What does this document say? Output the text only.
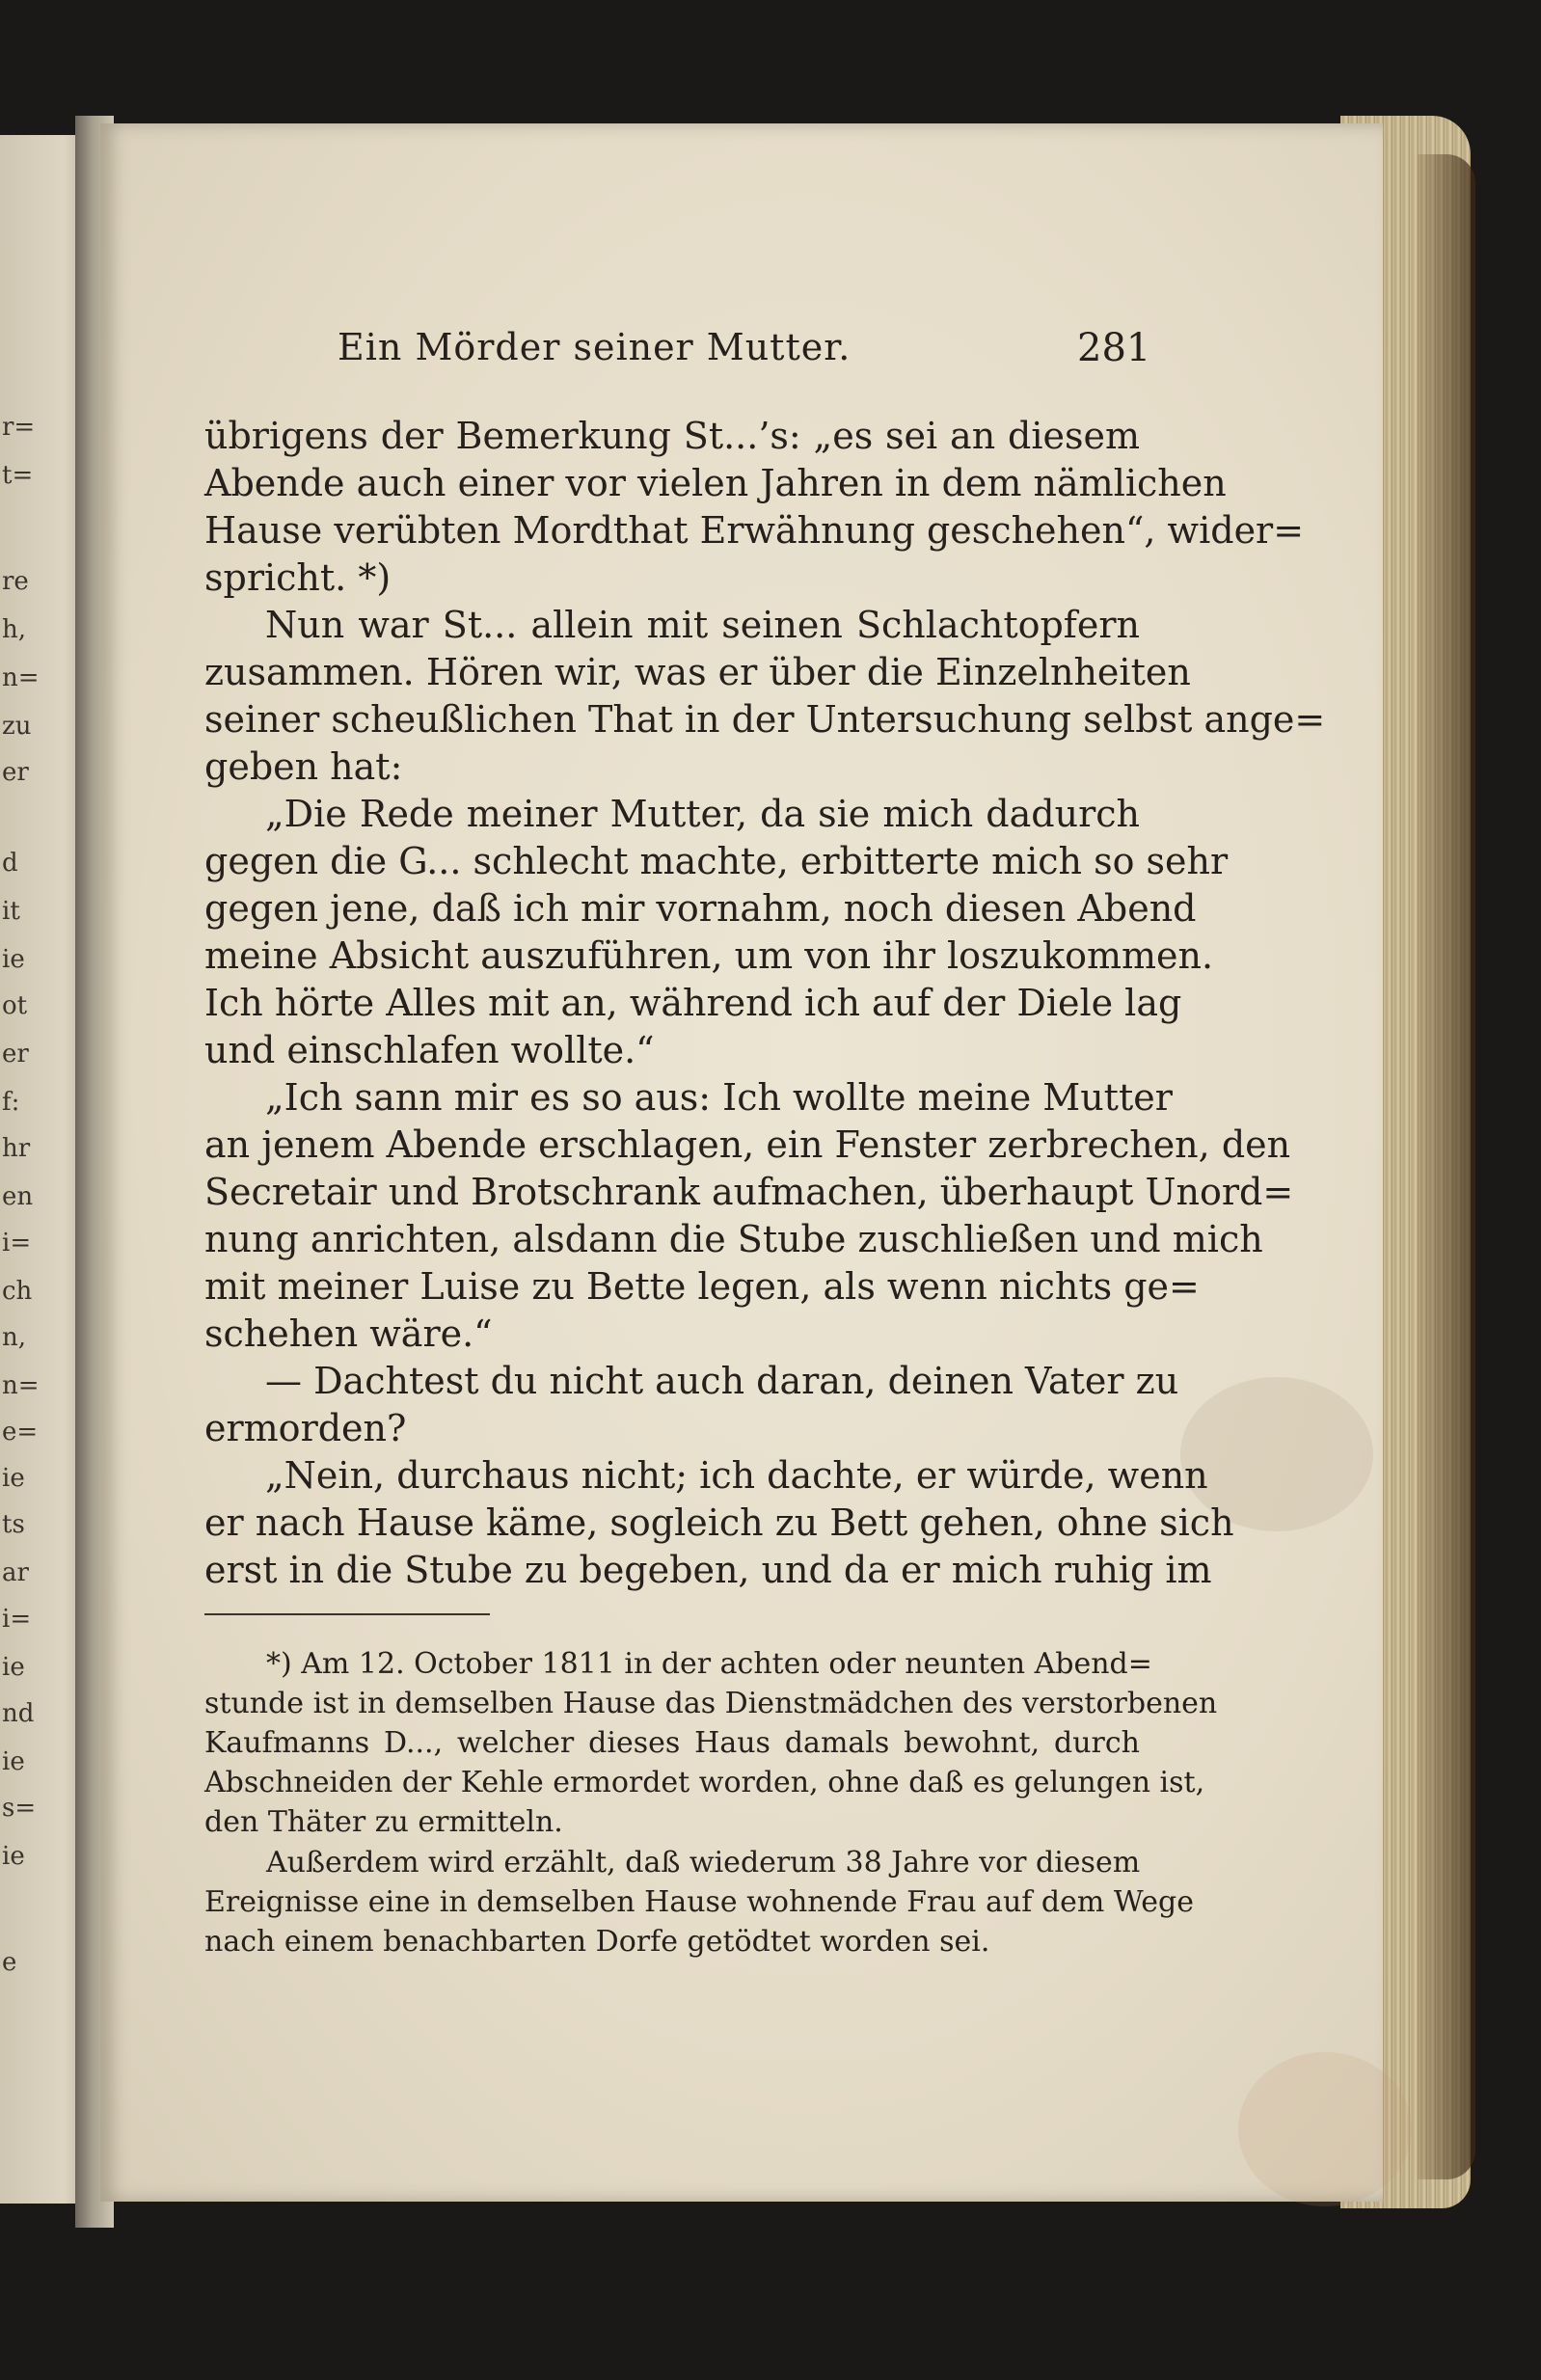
r=
t=
re
h,
n=
zu
er
d
it
ie
ot
er
f:
hr
en
i=
ch
n,
n=
e=
ie
ts
ar
i=
ie
nd
ie
s=
ie
e
Ein Mörder seiner Mutter.	281
übrigens der Bemerkung St...’s: „es sei an diesem
Abende auch einer vor vielen Jahren in dem nämlichen
Hause verübten Mordthat Erwähnung geschehen“, wider=
spricht. *)
Nun war St... allein mit seinen Schlachtopfern
zusammen. Hören wir, was er über die Einzelnheiten
seiner scheußlichen That in der Untersuchung selbst ange=
geben hat:
„Die Rede meiner Mutter, da sie mich dadurch
gegen die G... schlecht machte, erbitterte mich so sehr
gegen jene, daß ich mir vornahm, noch diesen Abend
meine Absicht auszuführen, um von ihr loszukommen.
Ich hörte Alles mit an, während ich auf der Diele lag
und einschlafen wollte.“
„Ich sann mir es so aus: Ich wollte meine Mutter
an jenem Abende erschlagen, ein Fenster zerbrechen, den
Secretair und Brotschrank aufmachen, überhaupt Unord=
nung anrichten, alsdann die Stube zuschließen und mich
mit meiner Luise zu Bette legen, als wenn nichts ge=
schehen wäre.“
— Dachtest du nicht auch daran, deinen Vater zu
ermorden?
„Nein, durchaus nicht; ich dachte, er würde, wenn
er nach Hause käme, sogleich zu Bett gehen, ohne sich
erst in die Stube zu begeben, und da er mich ruhig im
*) Am 12. October 1811 in der achten oder neunten Abend=
stunde ist in demselben Hause das Dienstmädchen des verstorbenen
Kaufmanns D..., welcher dieses Haus damals bewohnt, durch
Abschneiden der Kehle ermordet worden, ohne daß es gelungen ist,
den Thäter zu ermitteln.
Außerdem wird erzählt, daß wiederum 38 Jahre vor diesem
Ereignisse eine in demselben Hause wohnende Frau auf dem Wege
nach einem benachbarten Dorfe getödtet worden sei.
